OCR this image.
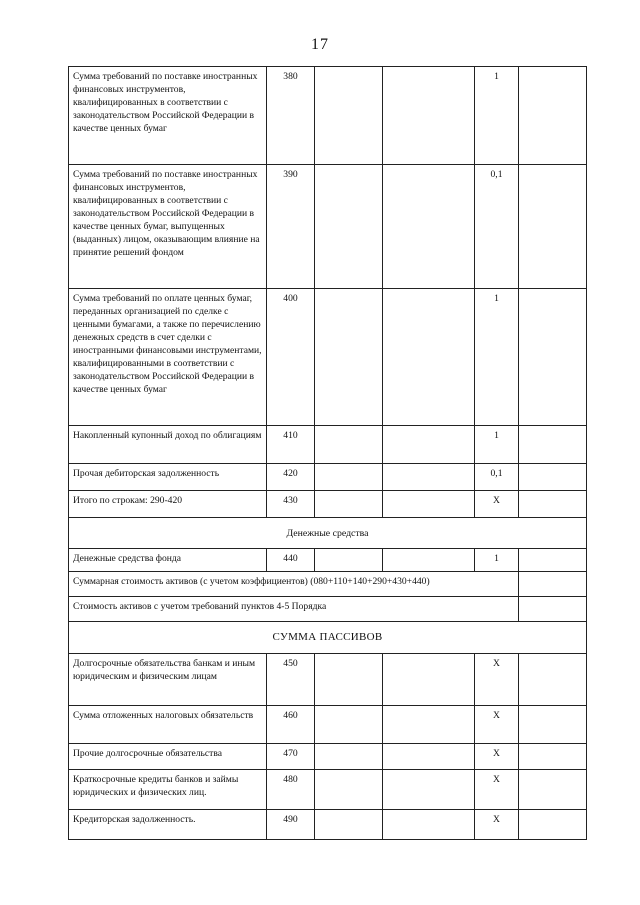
17
Сумма требований по поставке иностранных финансовых инструментов, квалифицированных в соответствии с законодательством Российской Федерации в качестве ценных бумаг	380			1	
Сумма требований по поставке иностранных финансовых инструментов, квалифицированных в соответствии с законодательством Российской Федерации в качестве ценных бумаг, выпущенных (выданных) лицом, оказывающим влияние на принятие решений фондом	390			0,1	
Сумма требований по оплате ценных бумаг, переданных организацией по сделке с ценными бумагами, а также по перечислению денежных средств в счет сделки с иностранными финансовыми инструментами, квалифицированными в соответствии с законодательством Российской Федерации в качестве ценных бумаг	400			1	
Накопленный купонный доход по облигациям	410			1	
Прочая дебиторская задолженность	420			0,1	
Итого по строкам: 290-420	430			X	
Денежные средства					
Денежные средства фонда	440			1	
Суммарная стоимость активов (с учетом коэффициентов) (080+110+140+290+430+440)					
Стоимость активов с учетом требований пунктов 4-5 Порядка					
СУММА ПАССИВОВ					
Долгосрочные обязательства банкам и иным юридическим и физическим лицам	450			X	
Сумма отложенных налоговых обязательств	460			X	
Прочие долгосрочные обязательства	470			X	
Краткосрочные кредиты банков и займы юридических и физических лиц.	480			X	
Кредиторская задолженность.	490			X	
